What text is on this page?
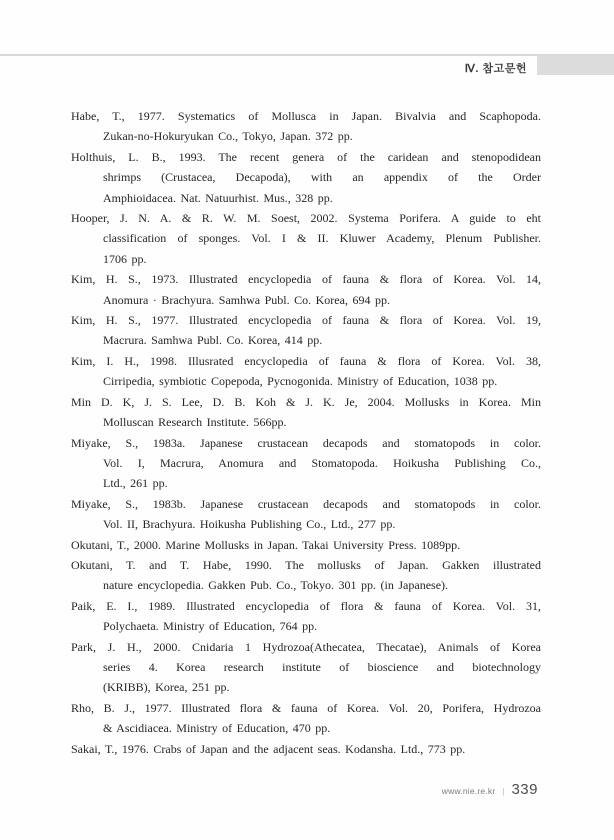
Ⅳ. 참고문헌
Habe, T., 1977. Systematics of Mollusca in Japan. Bivalvia and Scaphopoda.
Zukan-no-Hokuryukan Co., Tokyo, Japan. 372 pp.
Holthuis, L. B., 1993. The recent genera of the caridean and stenopodidean
shrimps (Crustacea, Decapoda), with an appendix of the Order
Amphioidacea. Nat. Natuurhist. Mus., 328 pp.
Hooper, J. N. A. & R. W. M. Soest, 2002. Systema Porifera. A guide to eht
classification of sponges. Vol. I & II. Kluwer Academy, Plenum Publisher.
1706 pp.
Kim, H. S., 1973. Illustrated encyclopedia of fauna & flora of Korea. Vol. 14,
Anomura · Brachyura. Samhwa Publ. Co. Korea, 694 pp.
Kim, H. S., 1977. Illustrated encyclopedia of fauna & flora of Korea. Vol. 19,
Macrura. Samhwa Publ. Co. Korea, 414 pp.
Kim, I. H., 1998. Illusrated encyclopedia of fauna & flora of Korea. Vol. 38,
Cirripedia, symbiotic Copepoda, Pycnogonida. Ministry of Education, 1038 pp.
Min D. K, J. S. Lee, D. B. Koh & J. K. Je, 2004. Mollusks in Korea. Min
Molluscan Research Institute. 566pp.
Miyake, S., 1983a. Japanese crustacean decapods and stomatopods in color.
Vol. I, Macrura, Anomura and Stomatopoda. Hoikusha Publishing Co.,
Ltd., 261 pp.
Miyake, S., 1983b. Japanese crustacean decapods and stomatopods in color.
Vol. II, Brachyura. Hoikusha Publishing Co., Ltd., 277 pp.
Okutani, T., 2000. Marine Mollusks in Japan. Takai University Press. 1089pp.
Okutani, T. and T. Habe, 1990. The mollusks of Japan. Gakken illustrated
nature encyclopedia. Gakken Pub. Co., Tokyo. 301 pp. (in Japanese).
Paik, E. I., 1989. Illustrated encyclopedia of flora & fauna of Korea. Vol. 31,
Polychaeta. Ministry of Education, 764 pp.
Park, J. H., 2000. Cnidaria 1 Hydrozoa(Athecatea, Thecatae), Animals of Korea
series 4. Korea research institute of bioscience and biotechnology
(KRIBB), Korea, 251 pp.
Rho, B. J., 1977. Illustrated flora & fauna of Korea. Vol. 20, Porifera, Hydrozoa
& Ascidiacea. Ministry of Education, 470 pp.
Sakai, T., 1976. Crabs of Japan and the adjacent seas. Kodansha. Ltd., 773 pp.
www.nie.re.kr | 339
